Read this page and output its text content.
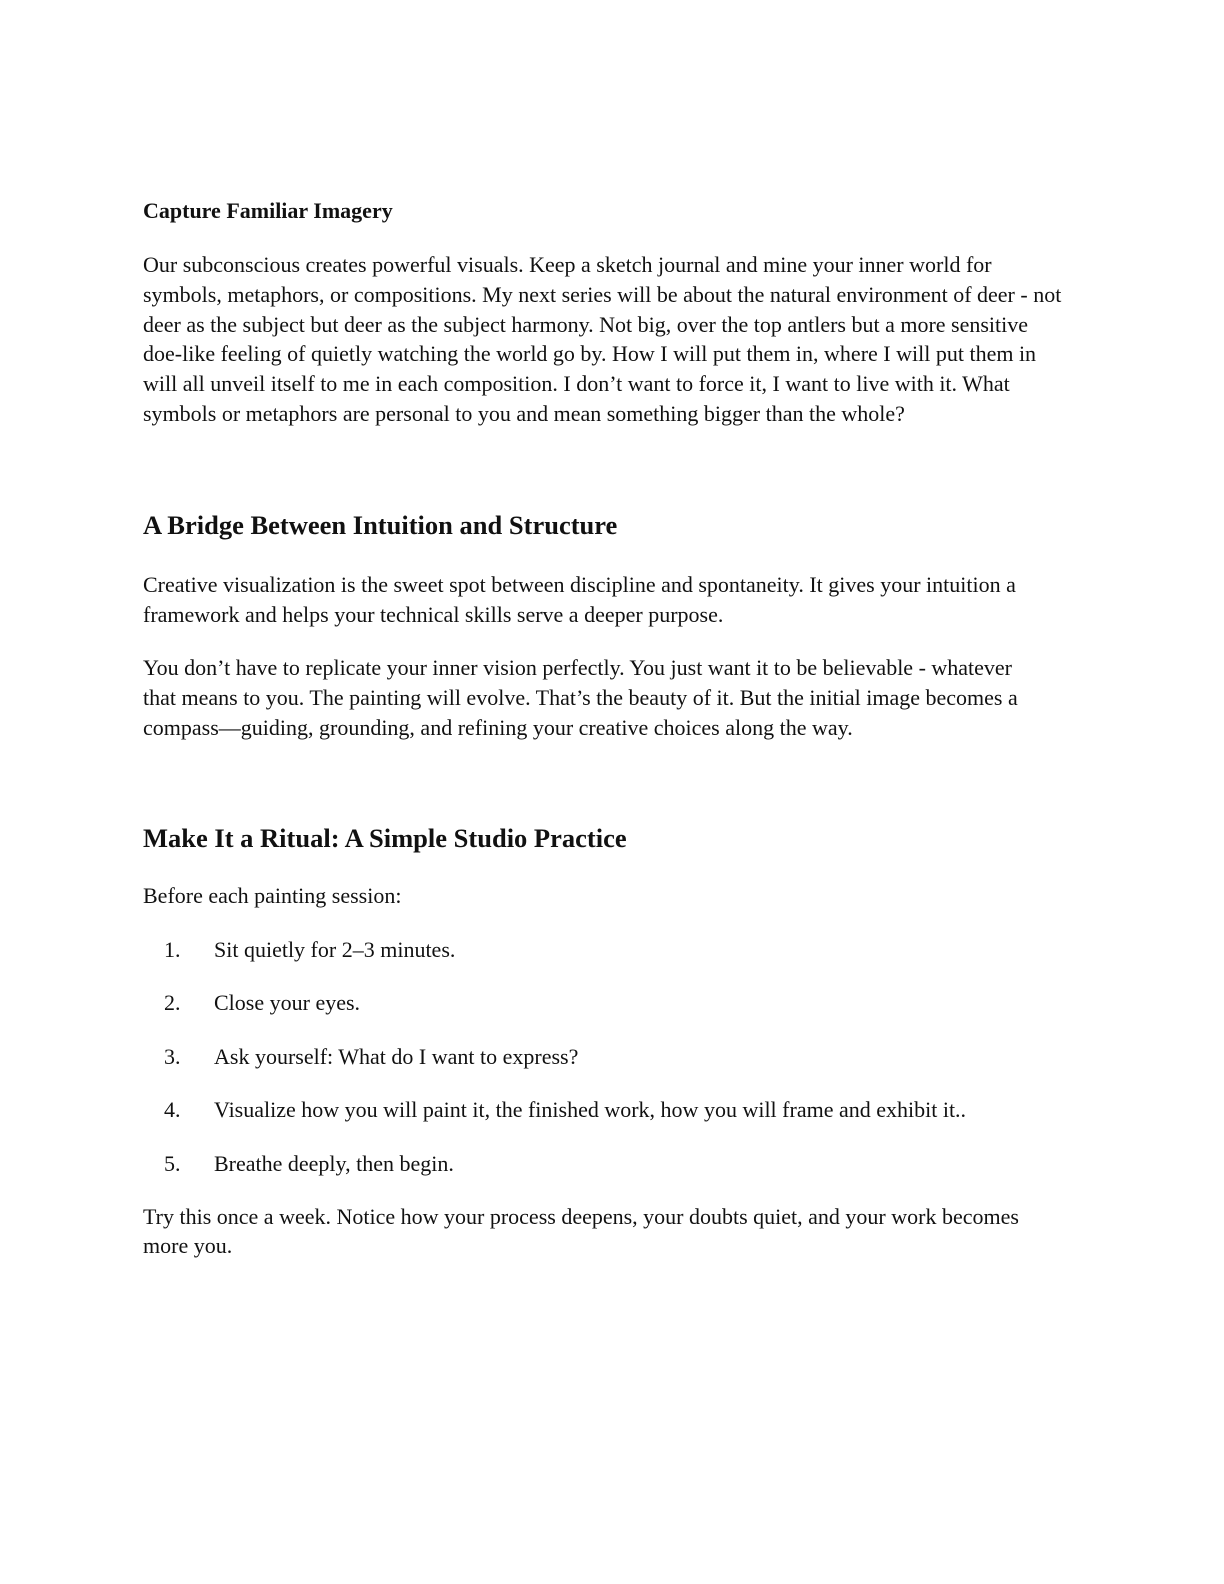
Capture Familiar Imagery

Our subconscious creates powerful visuals. Keep a sketch journal and mine your inner world for symbols, metaphors, or compositions. My next series will be about the natural environment of deer - not deer as the subject but deer as the subject harmony. Not big, over the top antlers but a more sensitive doe-like feeling of quietly watching the world go by. How I will put them in, where I will put them in will all unveil itself to me in each composition. I don’t want to force it, I want to live with it. What symbols or metaphors are personal to you and mean something bigger than the whole?

A Bridge Between Intuition and Structure

Creative visualization is the sweet spot between discipline and spontaneity. It gives your intuition a framework and helps your technical skills serve a deeper purpose.

You don’t have to replicate your inner vision perfectly. You just want it to be believable - whatever that means to you. The painting will evolve. That’s the beauty of it. But the initial image becomes a compass—guiding, grounding, and refining your creative choices along the way.

Make It a Ritual: A Simple Studio Practice

Before each painting session:

1. Sit quietly for 2–3 minutes.
2. Close your eyes.
3. Ask yourself: What do I want to express?
4. Visualize how you will paint it, the finished work, how you will frame and exhibit it..
5. Breathe deeply, then begin.

Try this once a week. Notice how your process deepens, your doubts quiet, and your work becomes more you.
